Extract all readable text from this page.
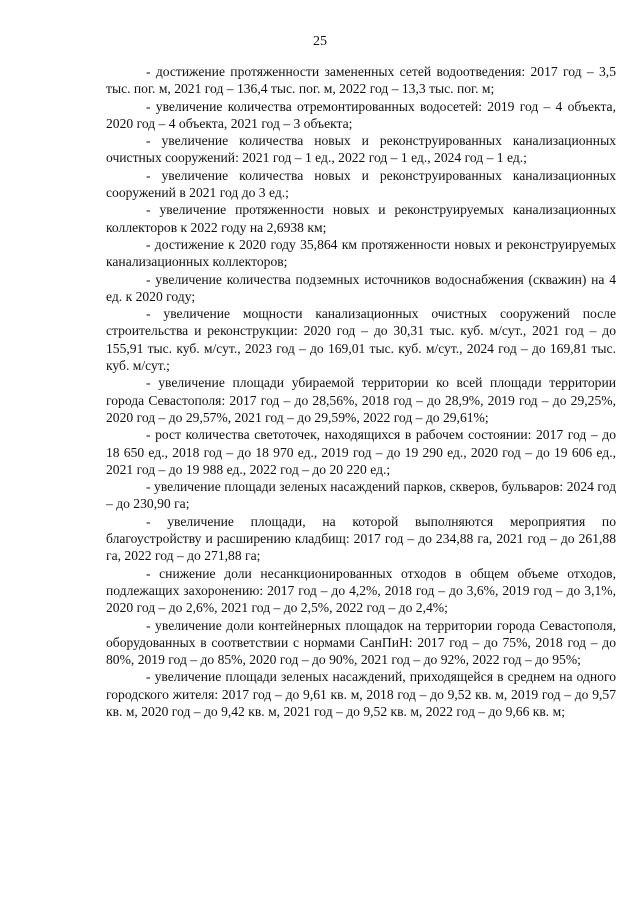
25

- достижение протяженности замененных сетей водоотведения: 2017 год – 3,5 тыс. пог. м, 2021 год – 136,4 тыс. пог. м, 2022 год – 13,3 тыс. пог. м;

- увеличение количества отремонтированных водосетей: 2019 год – 4 объекта, 2020 год – 4 объекта, 2021 год – 3 объекта;

- увеличение количества новых и реконструированных канализационных очистных сооружений: 2021 год – 1 ед., 2022 год – 1 ед., 2024 год – 1 ед.;

- увеличение количества новых и реконструированных канализационных сооружений в 2021 год до 3 ед.;

- увеличение протяженности новых и реконструируемых канализационных коллекторов к 2022 году на 2,6938 км;

- достижение к 2020 году 35,864 км протяженности новых и реконструируемых канализационных коллекторов;

- увеличение количества подземных источников водоснабжения (скважин) на 4 ед. к 2020 году;

- увеличение мощности канализационных очистных сооружений после строительства и реконструкции: 2020 год – до 30,31 тыс. куб. м/сут., 2021 год – до 155,91 тыс. куб. м/сут., 2023 год – до 169,01 тыс. куб. м/сут., 2024 год – до 169,81 тыс. куб. м/сут.;

- увеличение площади убираемой территории ко всей площади территории города Севастополя: 2017 год – до 28,56%, 2018 год – до 28,9%, 2019 год – до 29,25%, 2020 год – до 29,57%, 2021 год – до 29,59%, 2022 год – до 29,61%;

- рост количества светоточек, находящихся в рабочем состоянии: 2017 год – до 18 650 ед., 2018 год – до 18 970 ед., 2019 год – до 19 290 ед., 2020 год – до 19 606 ед., 2021 год – до 19 988 ед., 2022 год – до 20 220 ед.;

- увеличение площади зеленых насаждений парков, скверов, бульваров: 2024 год – до 230,90 га;

- увеличение площади, на которой выполняются мероприятия по благоустройству и расширению кладбищ: 2017 год – до 234,88 га, 2021 год – до 261,88 га, 2022 год – до 271,88 га;

- снижение доли несанкционированных отходов в общем объеме отходов, подлежащих захоронению: 2017 год – до 4,2%, 2018 год – до 3,6%, 2019 год – до 3,1%, 2020 год – до 2,6%, 2021 год – до 2,5%, 2022 год – до 2,4%;

- увеличение доли контейнерных площадок на территории города Севастополя, оборудованных в соответствии с нормами СанПиН: 2017 год – до 75%, 2018 год – до 80%, 2019 год – до 85%, 2020 год – до 90%, 2021 год – до 92%, 2022 год – до 95%;

- увеличение площади зеленых насаждений, приходящейся в среднем на одного городского жителя: 2017 год – до 9,61 кв. м, 2018 год – до 9,52 кв. м, 2019 год – до 9,57 кв. м, 2020 год – до 9,42 кв. м, 2021 год – до 9,52 кв. м, 2022 год – до 9,66 кв. м;
